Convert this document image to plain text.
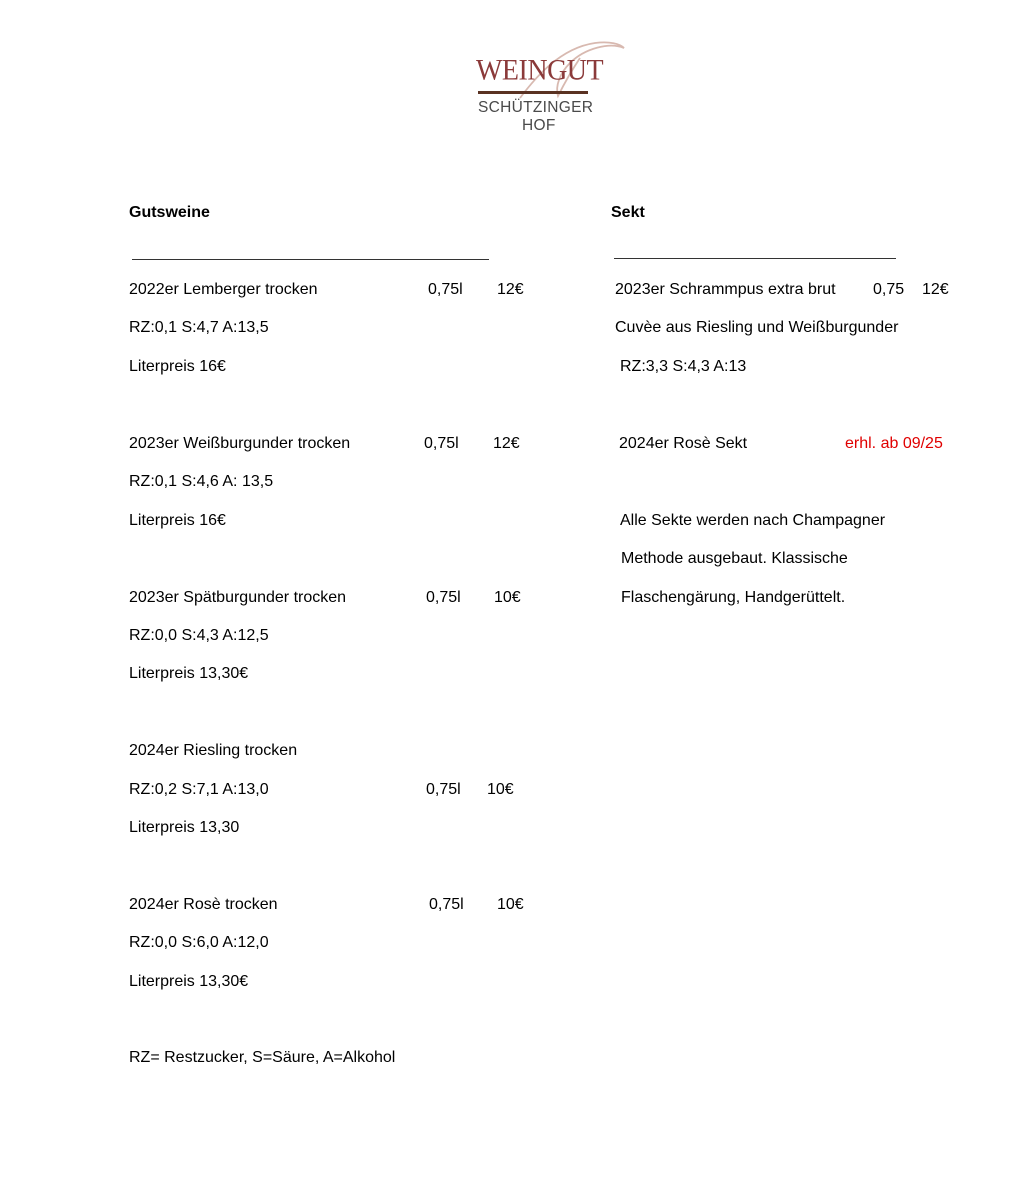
WEINGUT
SCHÜTZINGER
HOF
Gutsweine
2022er Lemberger trocken	0,75l 12€
RZ:0,1 S:4,7 A:13,5
Literpreis 16€
2023er Weißburgunder trocken	0,75l 12€
RZ:0,1 S:4,6 A: 13,5
Literpreis 16€
2023er Spätburgunder trocken	0,75l 10€
RZ:0,0 S:4,3 A:12,5
Literpreis 13,30€
2024er Riesling trocken
RZ:0,2 S:7,1 A:13,0	0,75l 10€
Literpreis 13,30
2024er Rosè trocken	0,75l 10€
RZ:0,0 S:6,0 A:12,0
Literpreis 13,30€
RZ= Restzucker, S=Säure, A=Alkohol
Sekt
2023er Schrammpus extra brut 0,75 12€
Cuvèe aus Riesling und Weißburgunder
RZ:3,3 S:4,3 A:13
2024er Rosè Sekt	erhl. ab 09/25
Alle Sekte werden nach Champagner
Methode ausgebaut. Klassische
Flaschengärung, Handgerüttelt.
